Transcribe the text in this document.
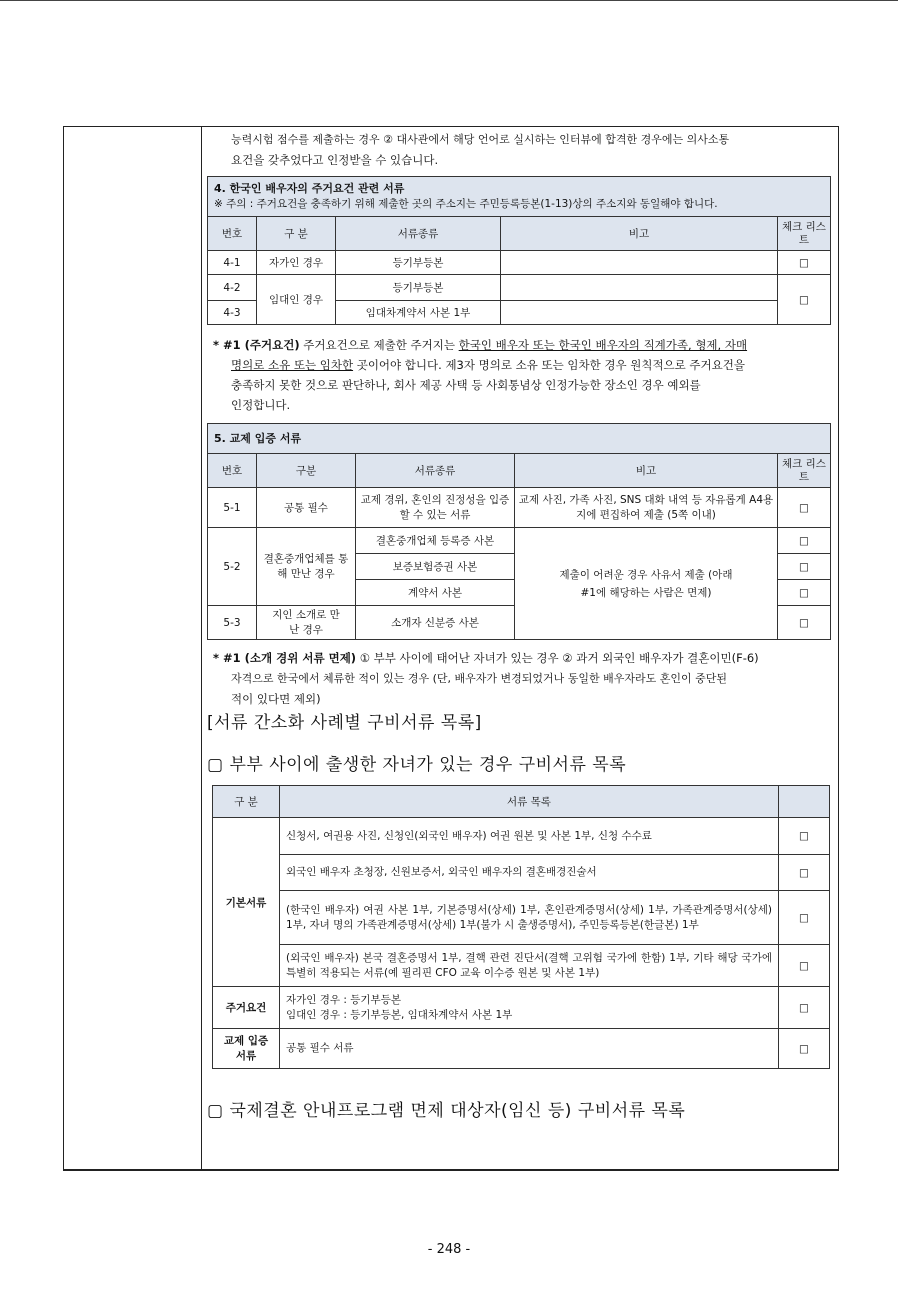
능력시험 점수를 제출하는 경우 ② 대사관에서 해당 언어로 실시하는 인터뷰에 합격한 경우에는 의사소통

요건을 갖추었다고 인정받을 수 있습니다.

4. 한국인 배우자의 주거요건 관련 서류
※ 주의 : 주거요건을 충족하기 위해 제출한 곳의 주소지는 주민등록등본(1-13)상의 주소지와 동일해야 합니다.				
번호	구 분	서류종류	비고	체크 리스트
4-1	자가인 경우	등기부등본		□
4-2	임대인 경우	등기부등본		□
4-3		임대차계약서 사본 1부		
* #1 (주거요건) 주거요건으로 제출한 주거지는 한국인 배우자 또는 한국인 배우자의 직계가족, 형제, 자매
명의로 소유 또는 임차한 곳이어야 합니다. 제3자 명의로 소유 또는 임차한 경우 원칙적으로 주거요건을
충족하지 못한 것으로 판단하나, 회사 제공 사택 등 사회통념상 인정가능한 장소인 경우 예외를
인정합니다.
5. 교제 입증 서류				
번호	구분	서류종류	비고	체크 리스트
5-1	공통 필수	교제 경위, 혼인의 진정성을 입증할 수 있는 서류	교제 사진, 가족 사진, SNS 대화 내역 등 자유롭게 A4용지에 편집하여 제출 (5쪽 이내)	□
5-2	결혼중개업체를 통해 만난 경우	결혼중개업체 등록증 사본	제출이 어려운 경우 사유서 제출 (아래 #1에 해당하는 사람은 면제)	□
		보증보험증권 사본		□
		계약서 사본		□
5-3	지인 소개로 만난 경우	소개자 신분증 사본		□
* #1 (소개 경위 서류 면제) ① 부부 사이에 태어난 자녀가 있는 경우 ② 과거 외국인 배우자가 결혼이민(F-6)
자격으로 한국에서 체류한 적이 있는 경우 (단, 배우자가 변경되었거나 동일한 배우자라도 혼인이 중단된
적이 있다면 제외)

[서류 간소화 사례별 구비서류 목록]

▢ 부부 사이에 출생한 자녀가 있는 경우 구비서류 목록

구 분	서류 목록	
기본서류	신청서, 여권용 사진, 신청인(외국인 배우자) 여권 원본 및 사본 1부, 신청 수수료	□
	외국인 배우자 초청장, 신원보증서, 외국인 배우자의 결혼배경진술서	□
	(한국인 배우자) 여권 사본 1부, 기본증명서(상세) 1부, 혼인관계증명서(상세) 1부, 가족관계증명서(상세) 1부, 자녀 명의 가족관계증명서(상세) 1부(불가 시 출생증명서), 주민등록등본(한글본) 1부	□
	(외국인 배우자) 본국 결혼증명서 1부, 결핵 관련 진단서(결핵 고위험 국가에 한함) 1부, 기타 해당 국가에 특별히 적용되는 서류(예 필리핀 CFO 교육 이수증 원본 및 사본 1부)	□
주거요건	자가인 경우 : 등기부등본
임대인 경우 : 등기부등본, 임대차계약서 사본 1부	□
교제 입증서류	공통 필수 서류	□

▢ 국제결혼 안내프로그램 면제 대상자(임신 등) 구비서류 목록

- 248 -
